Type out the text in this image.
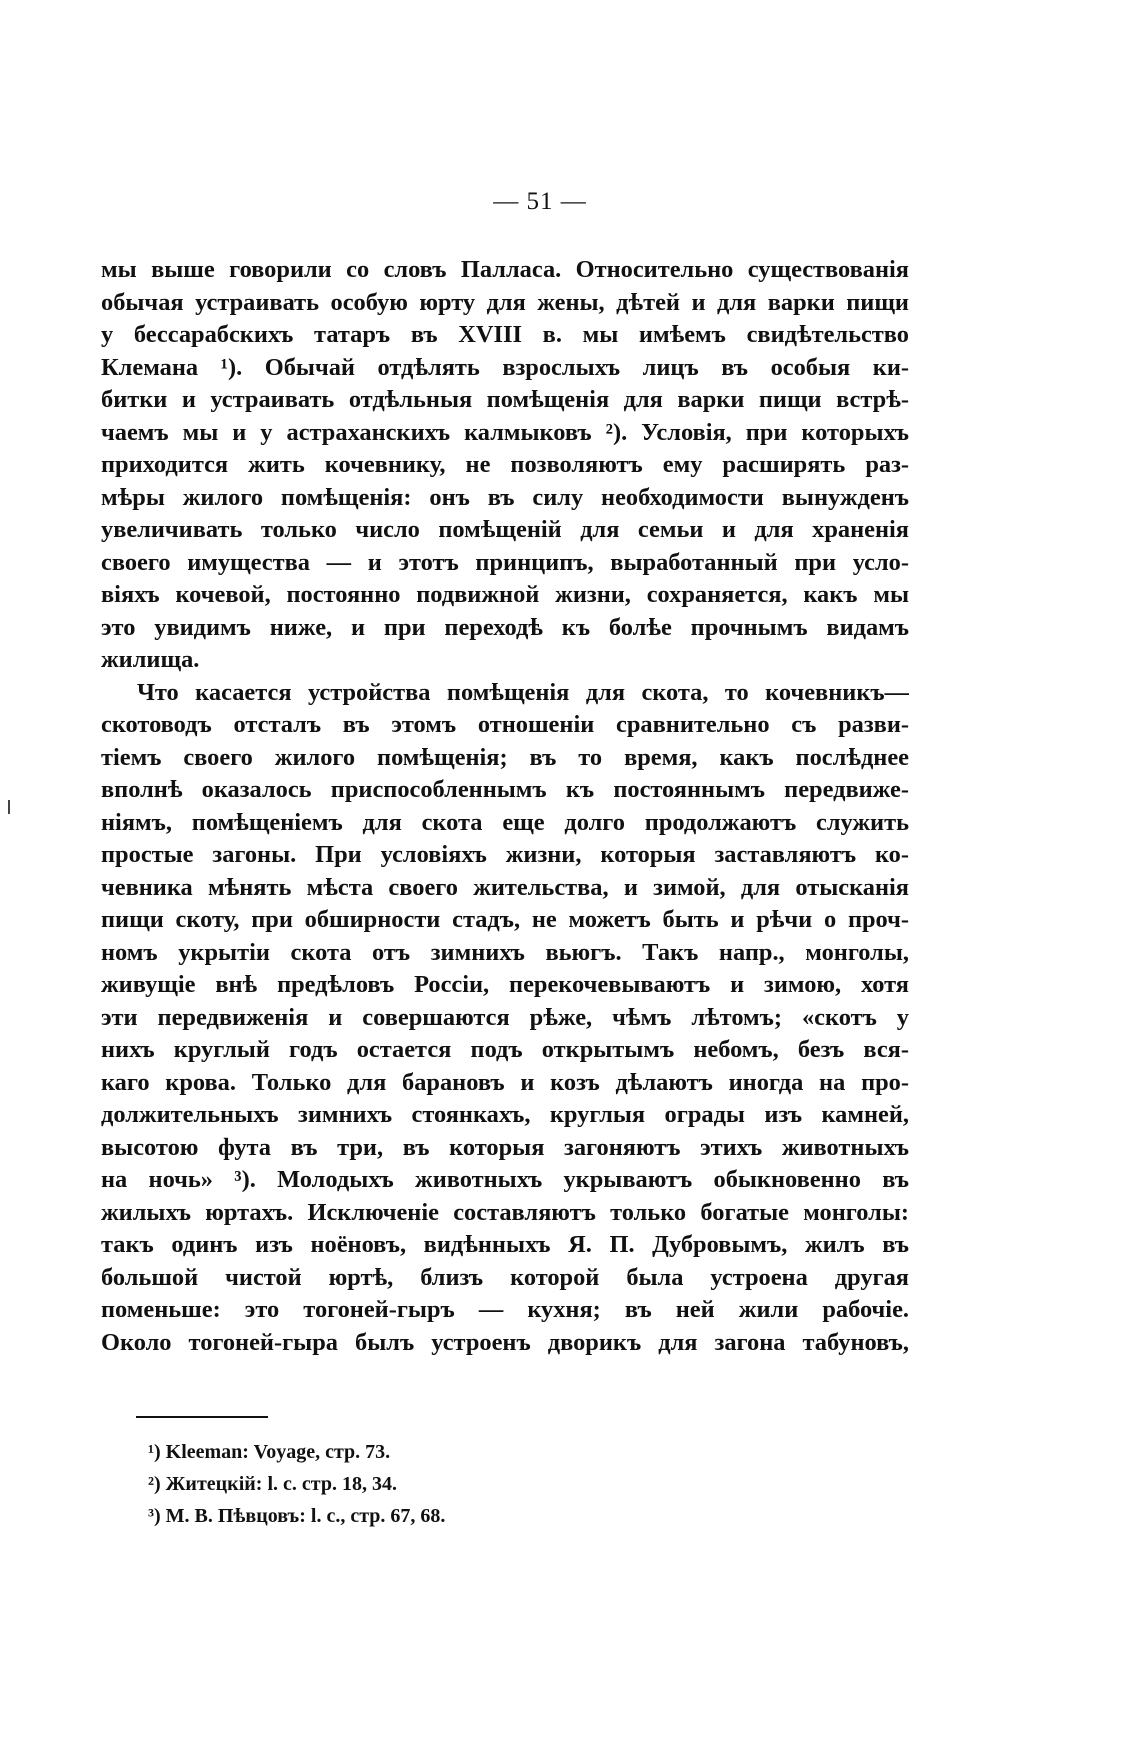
— 51 —
мы выше говорили со словъ Палласа. Относительно существованія
обычая устраивать особую юрту для жены, дѣтей и для варки пищи
у бессарабскихъ татаръ въ XVIII в. мы имѣемъ свидѣтельство
Клемана ¹). Обычай отдѣлять взрослыхъ лицъ въ особыя ки-
битки и устраивать отдѣльныя помѣщенія для варки пищи встрѣ-
чаемъ мы и у астраханскихъ калмыковъ ²). Условія, при которыхъ
приходится жить кочевнику, не позволяютъ ему расширять раз-
мѣры жилого помѣщенія: онъ въ силу необходимости вынужденъ
увеличивать только число помѣщеній для семьи и для храненія
своего имущества — и этотъ принципъ, выработанный при усло-
віяхъ кочевой, постоянно подвижной жизни, сохраняется, какъ мы
это увидимъ ниже, и при переходѣ къ болѣе прочнымъ видамъ
жилища.
Что касается устройства помѣщенія для скота, то кочевникъ—
скотоводъ отсталъ въ этомъ отношеніи сравнительно съ разви-
тіемъ своего жилого помѣщенія; въ то время, какъ послѣднее
вполнѣ оказалось приспособленнымъ къ постояннымъ передвиже-
ніямъ, помѣщеніемъ для скота еще долго продолжаютъ служить
простые загоны. При условіяхъ жизни, которыя заставляютъ ко-
чевника мѣнять мѣста своего жительства, и зимой, для отысканія
пищи скоту, при обширности стадъ, не можетъ быть и рѣчи о проч-
номъ укрытіи скота отъ зимнихъ вьюгъ. Такъ напр., монголы,
живущіе внѣ предѣловъ Россіи, перекочевываютъ и зимою, хотя
эти передвиженія и совершаются рѣже, чѣмъ лѣтомъ; «скотъ у
нихъ круглый годъ остается подъ открытымъ небомъ, безъ вся-
каго крова. Только для барановъ и козъ дѣлаютъ иногда на про-
должительныхъ зимнихъ стоянкахъ, круглыя ограды изъ камней,
высотою фута въ три, въ которыя загоняютъ этихъ животныхъ
на ночь» ³). Молодыхъ животныхъ укрываютъ обыкновенно въ
жилыхъ юртахъ. Исключеніе составляютъ только богатые монголы:
такъ одинъ изъ ноёновъ, видѣнныхъ Я. П. Дубровымъ, жилъ въ
большой чистой юртѣ, близъ которой была устроена другая
поменьше: это тогоней-гыръ — кухня; въ ней жили рабочіе.
Около тогоней-гыра былъ устроенъ дворикъ для загона табуновъ,
¹) Kleeman: Voyage, стр. 73.
²) Житецкій: l. c. стр. 18, 34.
³) М. В. Пѣвцовъ: l. c., стр. 67, 68.
